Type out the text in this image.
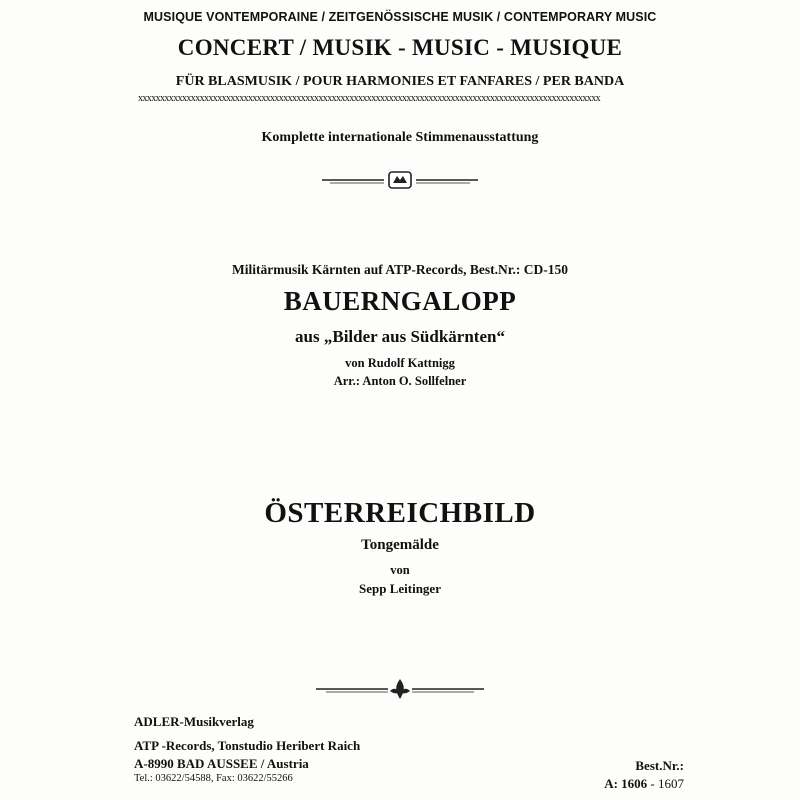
MUSIQUE VONTEMPORAINE / ZEITGENÖSSISCHE MUSIK / CONTEMPORARY MUSIC
CONCERT / MUSIK - MUSIC - MUSIQUE
FÜR BLASMUSIK / POUR HARMONIES ET FANFARES / PER BANDA
xxxxxxxxxxxxxxxxxxxxxxxxxxxxxxxxxxxxxxxxxxxxxxxxxxxxxxxxxxxxxxxxxxxxxxxxxxxxxxxxxxxxxxxxxxxxxxxxxxxxxxxxx
Komplette internationale Stimmenausstattung
Militärmusik Kärnten auf ATP-Records, Best.Nr.: CD-150
BAUERNGALOPP
aus „Bilder aus Südkärnten“
von Rudolf Kattnigg
Arr.: Anton O. Sollfelner
ÖSTERREICHBILD
Tongemälde
von
Sepp Leitinger
ADLER-Musikverlag
ATP -Records, Tonstudio Heribert Raich
A-8990 BAD AUSSEE / Austria
Tel.: 03622/54588, Fax: 03622/55266
Best.Nr.:
A: 1606 - 1607
